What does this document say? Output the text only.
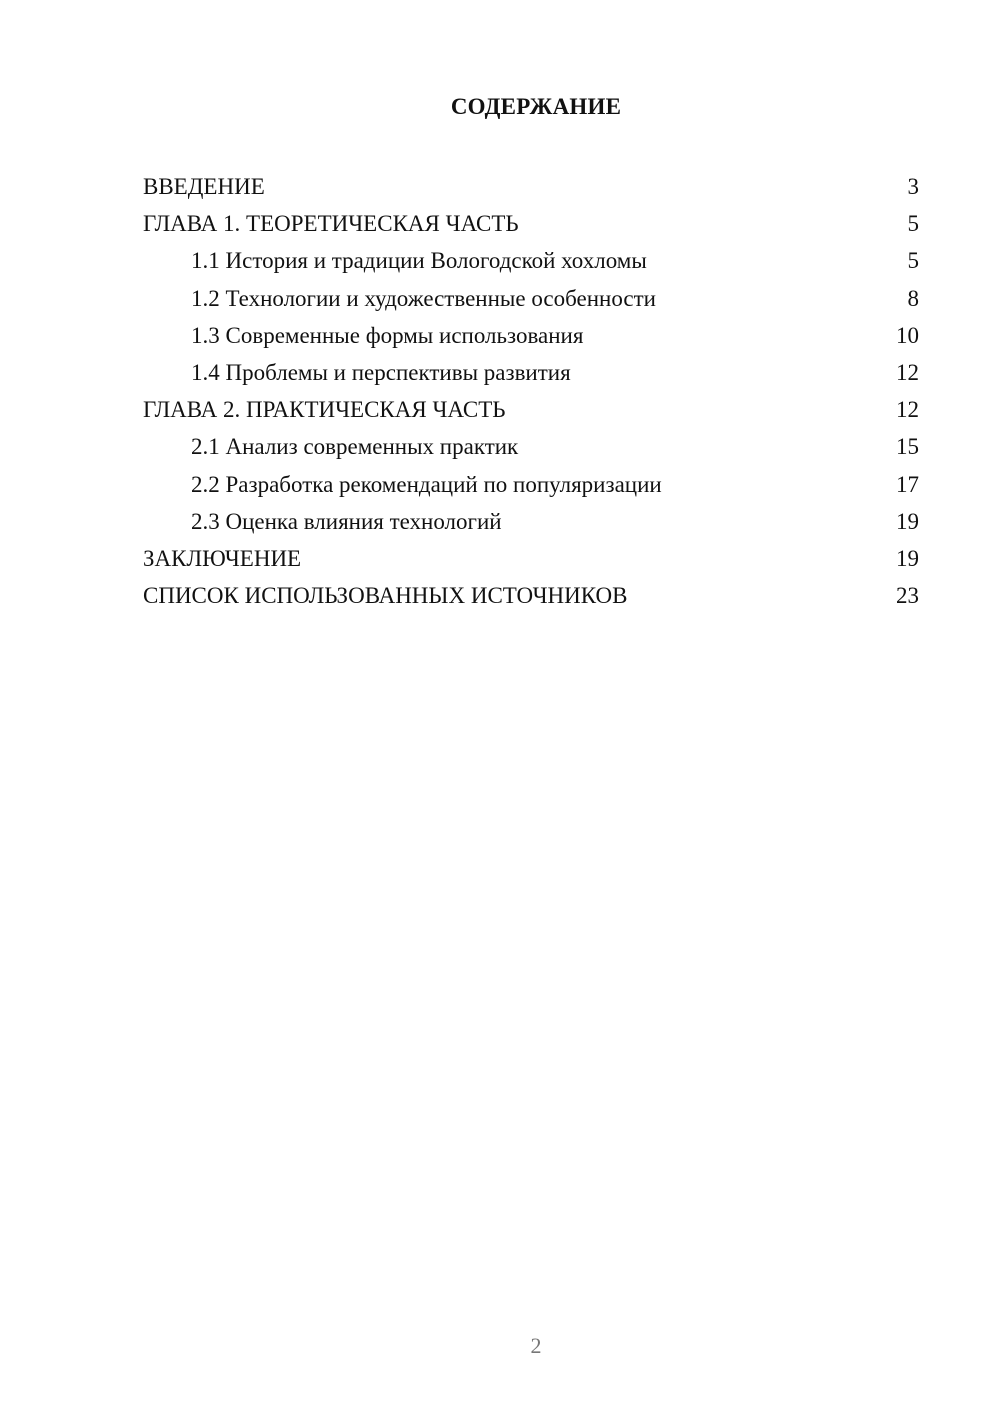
СОДЕРЖАНИЕ
ВВЕДЕНИЕ	3
ГЛАВА 1. ТЕОРЕТИЧЕСКАЯ ЧАСТЬ	5
1.1 История и традиции Вологодской хохломы	5
1.2 Технологии и художественные особенности	8
1.3 Современные формы использования	10
1.4 Проблемы и перспективы развития	12
ГЛАВА 2. ПРАКТИЧЕСКАЯ ЧАСТЬ	12
2.1 Анализ современных практик	15
2.2 Разработка рекомендаций по популяризации	17
2.3 Оценка влияния технологий	19
ЗАКЛЮЧЕНИЕ	19
СПИСОК ИСПОЛЬЗОВАННЫХ ИСТОЧНИКОВ	23
2
